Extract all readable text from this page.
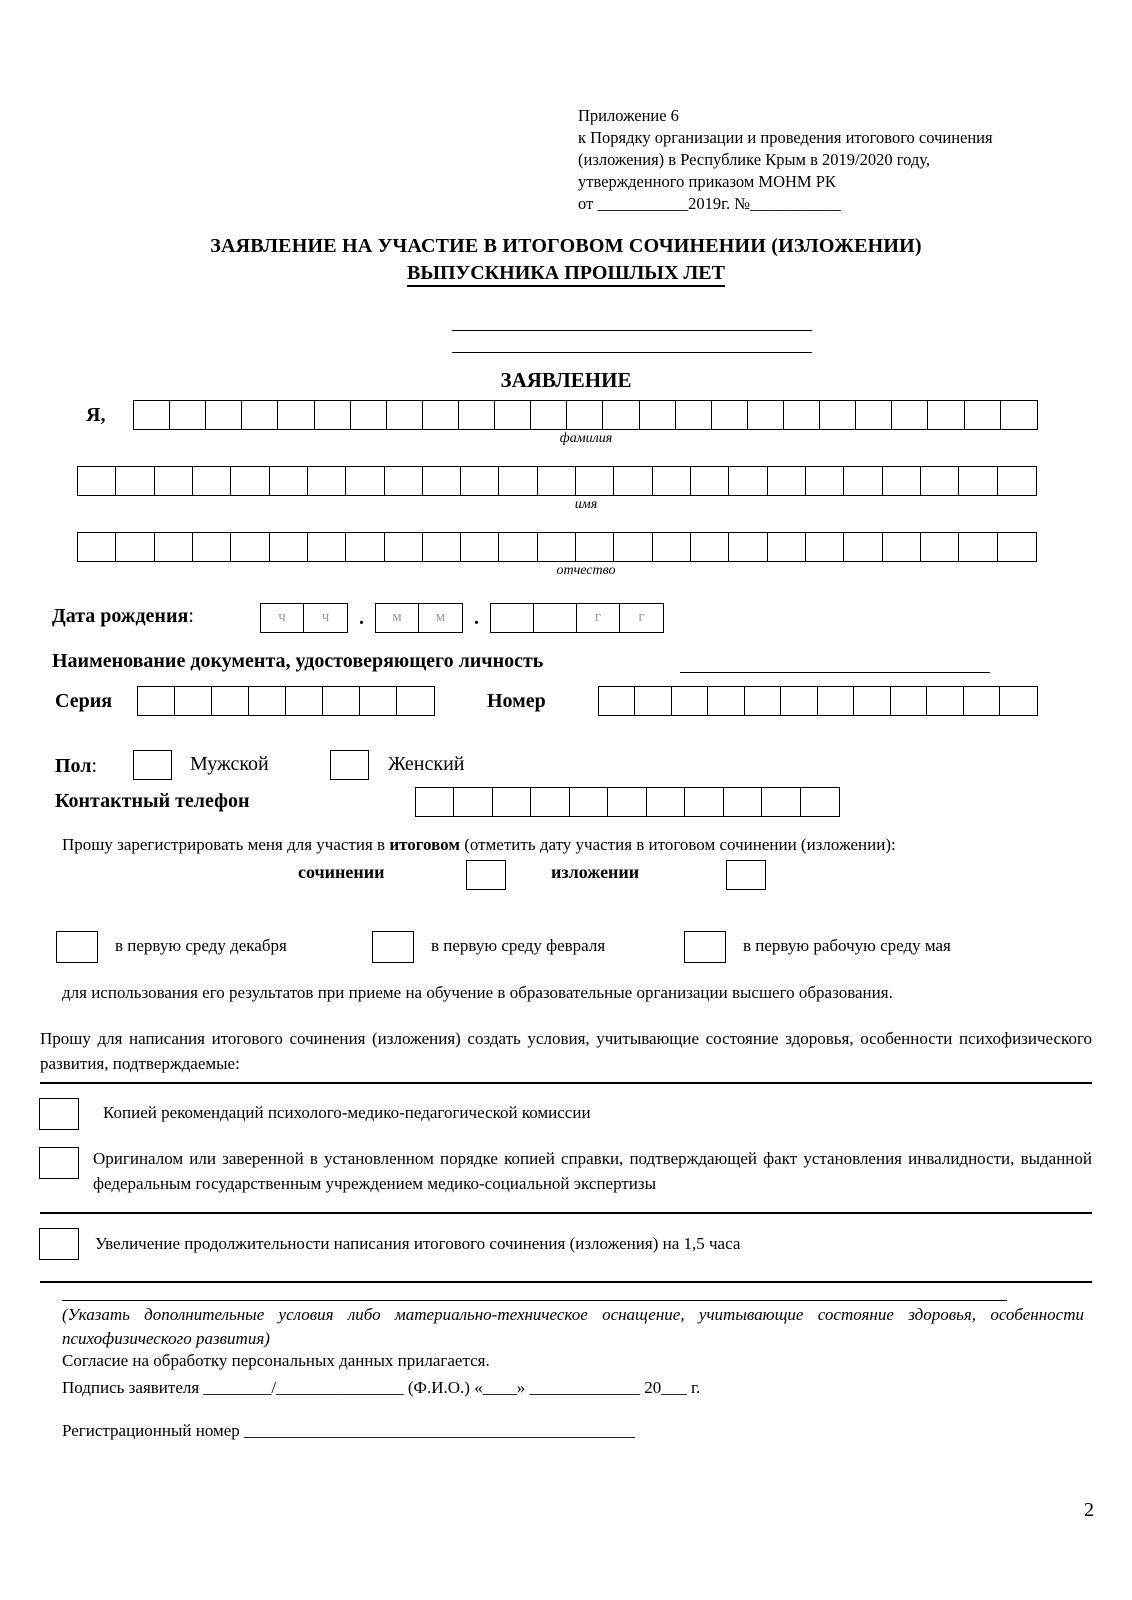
Приложение 6
к Порядку организации и проведения итогового сочинения
(изложения) в Республике Крым в 2019/2020 году,
утвержденного приказом МОНМ РК
от ___________2019г. №___________
ЗАЯВЛЕНИЕ НА УЧАСТИЕ В ИТОГОВОМ СОЧИНЕНИИ (ИЗЛОЖЕНИИ)
ВЫПУСКНИКА ПРОШЛЫХ ЛЕТ
ЗАЯВЛЕНИЕ
Я,
фамилия
имя
отчество
Дата рождения:	ч	ч	.	м	м	.	г	г
Наименование документа, удостоверяющего личность
Серия	Номер
Пол:	Мужской	Женский
Контактный телефон
Прошу зарегистрировать меня для участия в итоговом (отметить дату участия в итоговом сочинении (изложении):
сочинении	изложении
в первую среду декабря	в первую среду февраля	в первую рабочую среду мая
для использования его результатов при приеме на обучение в образовательные организации высшего образования.
Прошу для написания итогового сочинения (изложения) создать условия, учитывающие состояние здоровья, особенности психофизического развития, подтверждаемые:
Копией рекомендаций психолого-медико-педагогической комиссии
Оригиналом или заверенной в установленном порядке копией справки, подтверждающей факт установления инвалидности, выданной федеральным государственным учреждением медико-социальной экспертизы
Увеличение продолжительности написания итогового сочинения (изложения) на 1,5 часа
(Указать дополнительные условия либо материально-техническое оснащение, учитывающие состояние здоровья, особенности психофизического развития)
Согласие на обработку персональных данных прилагается.
Подпись заявителя ________/_______________ (Ф.И.О.) «____» _____________ 20___ г.
Регистрационный номер ______________________________________________
2
